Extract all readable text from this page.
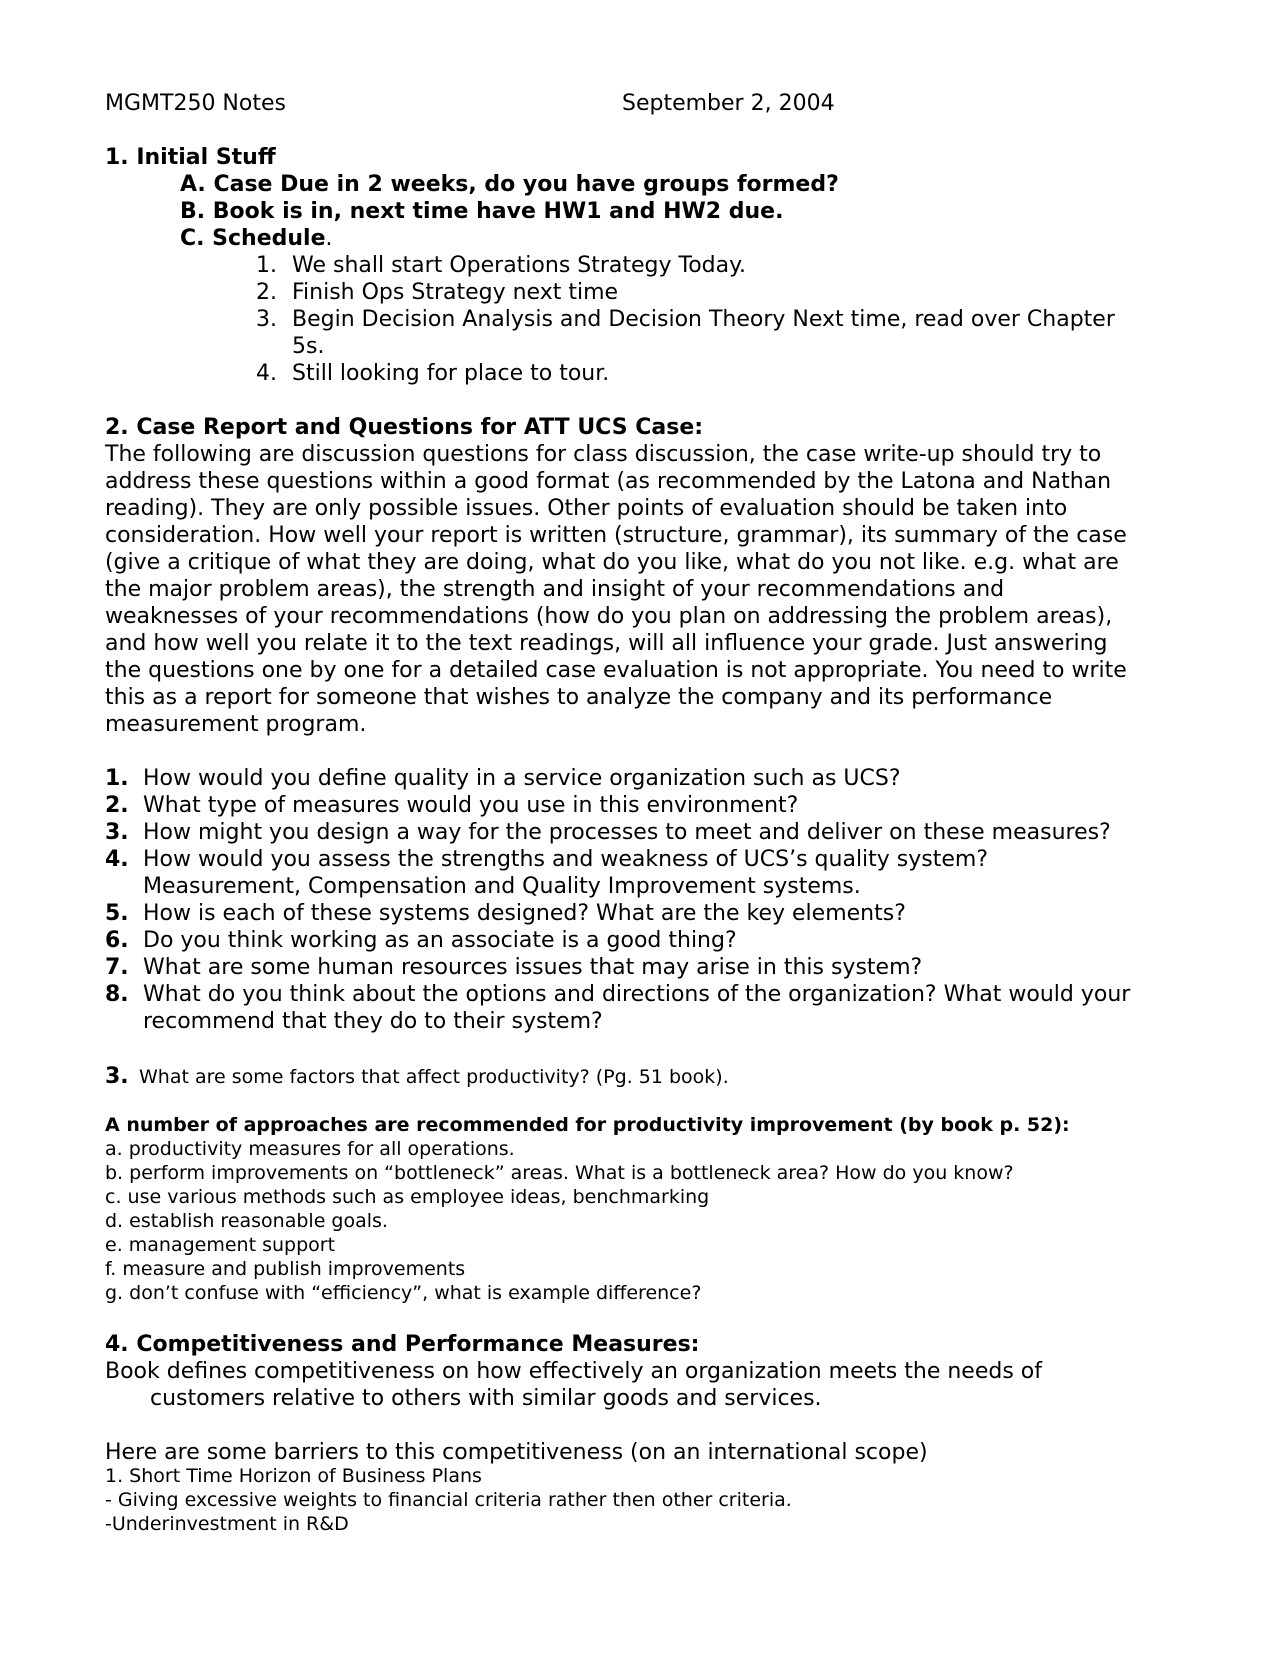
MGMT250 Notes	September 2, 2004
1. Initial Stuff
A. Case Due in 2 weeks, do you have groups formed?
B. Book is in, next time have HW1 and HW2 due.
C. Schedule.
1. We shall start Operations Strategy Today.
2. Finish Ops Strategy next time
3. Begin Decision Analysis and Decision Theory Next time, read over Chapter
5s.
4. Still looking for place to tour.
2. Case Report and Questions for ATT UCS Case:
The following are discussion questions for class discussion, the case write-up should try to
address these questions within a good format (as recommended by the Latona and Nathan
reading). They are only possible issues. Other points of evaluation should be taken into
consideration. How well your report is written (structure, grammar), its summary of the case
(give a critique of what they are doing, what do you like, what do you not like. e.g. what are
the major problem areas), the strength and insight of your recommendations and
weaknesses of your recommendations (how do you plan on addressing the problem areas),
and how well you relate it to the text readings, will all influence your grade. Just answering
the questions one by one for a detailed case evaluation is not appropriate. You need to write
this as a report for someone that wishes to analyze the company and its performance
measurement program.
1. How would you define quality in a service organization such as UCS?
2. What type of measures would you use in this environment?
3. How might you design a way for the processes to meet and deliver on these measures?
4. How would you assess the strengths and weakness of UCS’s quality system?
Measurement, Compensation and Quality Improvement systems.
5. How is each of these systems designed? What are the key elements?
6. Do you think working as an associate is a good thing?
7. What are some human resources issues that may arise in this system?
8. What do you think about the options and directions of the organization? What would your
recommend that they do to their system?
3. What are some factors that affect productivity? (Pg. 51 book).
A number of approaches are recommended for productivity improvement (by book p. 52):
a. productivity measures for all operations.
b. perform improvements on “bottleneck” areas. What is a bottleneck area? How do you know?
c. use various methods such as employee ideas, benchmarking
d. establish reasonable goals.
e. management support
f. measure and publish improvements
g. don’t confuse with “efficiency”, what is example difference?
4. Competitiveness and Performance Measures:
Book defines competitiveness on how effectively an organization meets the needs of
customers relative to others with similar goods and services.
Here are some barriers to this competitiveness (on an international scope)
1. Short Time Horizon of Business Plans
- Giving excessive weights to financial criteria rather then other criteria.
-Underinvestment in R&D
